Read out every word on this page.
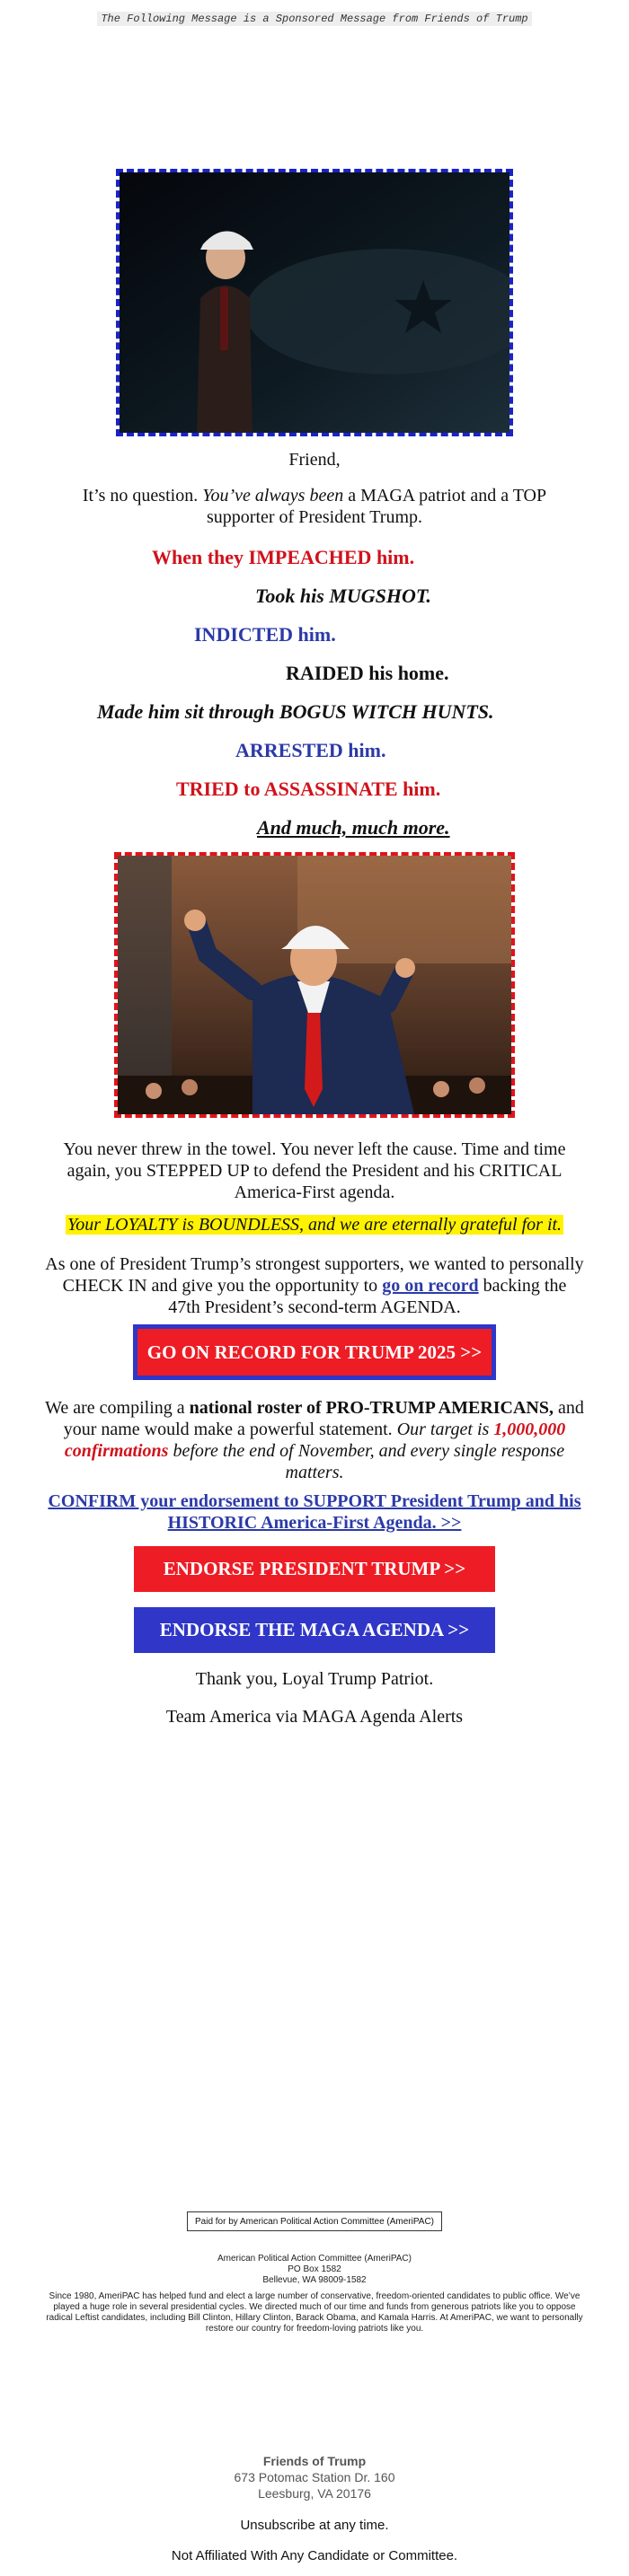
The Following Message is a Sponsored Message from Friends of Trump
Friend,
It’s no question. You’ve always been a MAGA patriot and a TOP supporter of President Trump.
When they IMPEACHED him.
Took his MUGSHOT.
INDICTED him.
RAIDED his home.
Made him sit through BOGUS WITCH HUNTS.
ARRESTED him.
TRIED to ASSASSINATE him.
And much, much more.
You never threw in the towel. You never left the cause. Time and time again, you STEPPED UP to defend the President and his CRITICAL America-First agenda.
Your LOYALTY is BOUNDLESS, and we are eternally grateful for it.
As one of President Trump’s strongest supporters, we wanted to personally CHECK IN and give you the opportunity to go on record backing the 47th President’s second-term AGENDA.
GO ON RECORD FOR TRUMP 2025 >>
We are compiling a national roster of PRO-TRUMP AMERICANS, and your name would make a powerful statement. Our target is 1,000,000 confirmations before the end of November, and every single response matters.
CONFIRM your endorsement to SUPPORT President Trump and his HISTORIC America-First Agenda. >>
ENDORSE PRESIDENT TRUMP >>
ENDORSE THE MAGA AGENDA >>
Thank you, Loyal Trump Patriot.
Team America via MAGA Agenda Alerts
Paid for by American Political Action Committee (AmeriPAC)
American Political Action Committee (AmeriPAC)
PO Box 1582
Bellevue, WA 98009-1582
Since 1980, AmeriPAC has helped fund and elect a large number of conservative, freedom-oriented candidates to public office. We’ve played a huge role in several presidential cycles. We directed much of our time and funds from generous patriots like you to oppose radical Leftist candidates, including Bill Clinton, Hillary Clinton, Barack Obama, and Kamala Harris. At AmeriPAC, we want to personally restore our country for freedom-loving patriots like you.
Friends of Trump
673 Potomac Station Dr. 160
Leesburg, VA 20176
Unsubscribe at any time.
Not Affiliated With Any Candidate or Committee.
